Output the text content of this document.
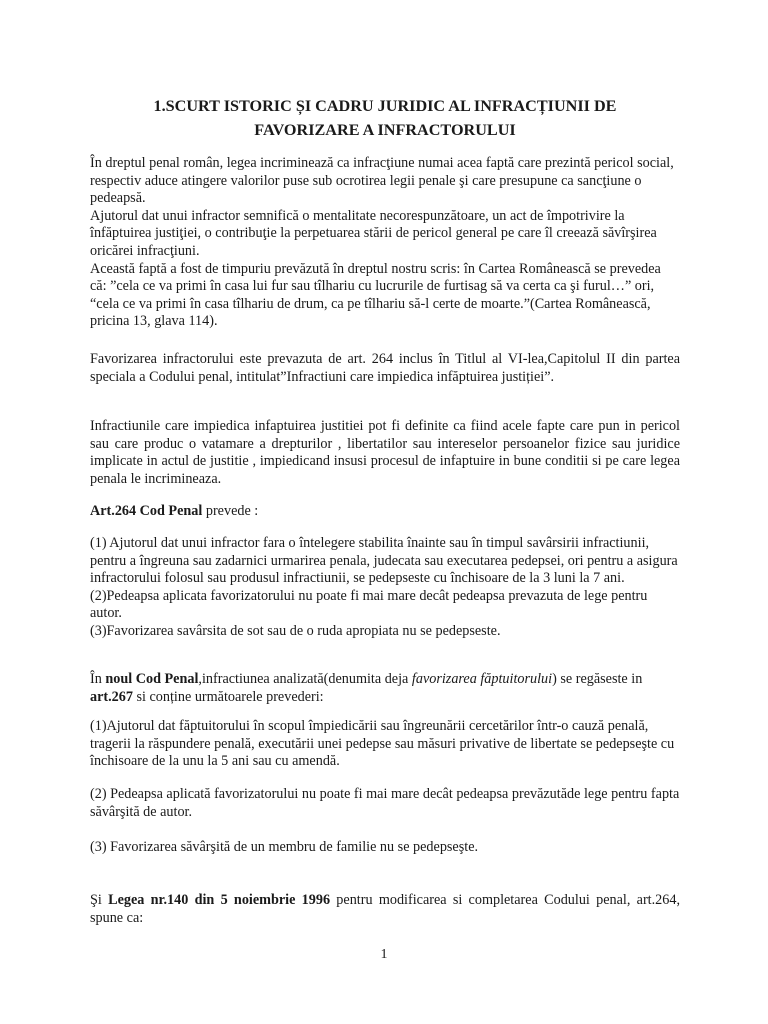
1.SCURT ISTORIC ȘI CADRU JURIDIC AL INFRACȚIUNII DE
FAVORIZARE A INFRACTORULUI
În dreptul penal român, legea incriminează ca infracţiune numai acea faptă care prezintă pericol social, respectiv aduce atingere valorilor puse sub ocrotirea legii penale şi care presupune ca sancţiune o pedeapsă.
Ajutorul dat unui infractor semnifică o mentalitate necorespunzătoare, un act de împotrivire la înfăptuirea justiţiei, o contribuţie la perpetuarea stării de pericol general pe care îl creează săvîrşirea oricărei infracţiuni.
Această faptă a fost de timpuriu prevăzută în dreptul nostru scris: în Cartea Românească se prevedea că: ”cela ce va primi în casa lui fur sau tîlhariu cu lucrurile de furtisag să va certa ca şi furul…” ori, “cela ce va primi în casa tîlhariu de drum, ca pe tîlhariu să-l certe de moarte.”(Cartea Românească, pricina 13, glava 114).

Favorizarea infractorului este prevazuta de art. 264 inclus în Titlul al VI-lea,Capitolul II din partea speciala a Codului penal, intitulat”Infractiuni care impiedica infăptuirea justiției”.

Infractiunile care impiedica infaptuirea justitiei pot fi definite ca fiind acele fapte care pun in pericol sau care produc o vatamare a drepturilor , libertatilor sau intereselor persoanelor fizice sau juridice implicate in actul de justitie , impiedicand insusi procesul de infaptuire in bune conditii si pe care legea penala le incrimineaza.

Art.264 Cod Penal prevede :

(1) Ajutorul dat unui infractor fara o întelegere stabilita înainte sau în timpul savârsirii infractiunii, pentru a îngreuna sau zadarnici urmarirea penala, judecata sau executarea pedepsei, ori pentru a asigura infractorului folosul sau produsul infractiunii, se pedepseste cu închisoare de la 3 luni la 7 ani.
(2)Pedeapsa aplicata favorizatorului nu poate fi mai mare decât pedeapsa prevazuta de lege pentru autor.
(3)Favorizarea savârsita de sot sau de o ruda apropiata nu se pedepseste.

În noul Cod Penal,infractiunea analizată(denumita deja favorizarea făptuitorului) se regăseste in art.267 si conține următoarele prevederi:

(1)Ajutorul dat făptuitorului în scopul împiedicării sau îngreunării cercetărilor într-o cauză penală, tragerii la răspundere penală, executării unei pedepse sau măsuri privative de libertate se pedepseşte cu închisoare de la unu la 5 ani sau cu amendă.

(2) Pedeapsa aplicată favorizatorului nu poate fi mai mare decât pedeapsa prevăzutăde lege pentru fapta săvârşită de autor.

(3) Favorizarea săvârşită de un membru de familie nu se pedepseşte.

Şi Legea nr.140 din 5 noiembrie 1996 pentru modificarea si completarea Codului penal, art.264, spune ca:

1
